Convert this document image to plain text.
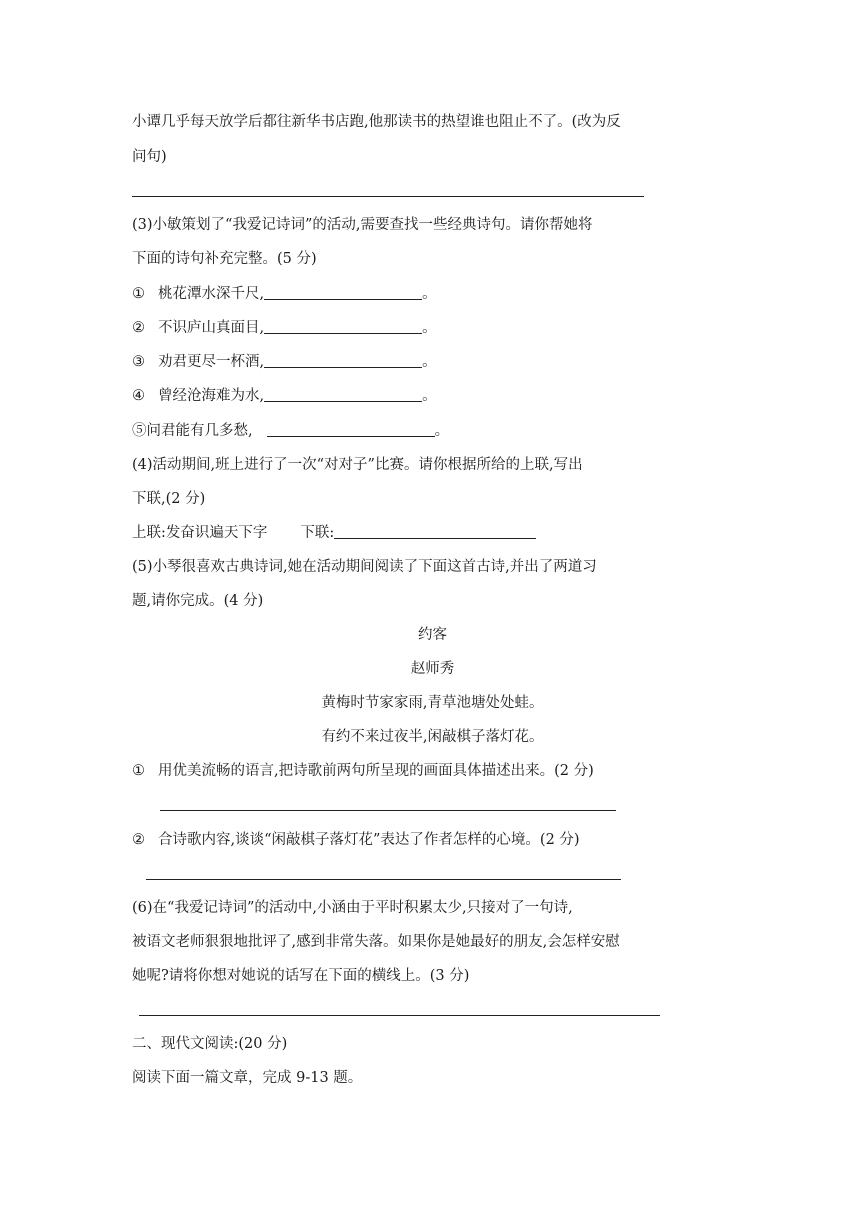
小谭几乎每天放学后都往新华书店跑,他那读书的热望谁也阻止不了。(改为反
问句)
(3)小敏策划了“我爱记诗词”的活动,需要查找一些经典诗句。请你帮她将
下面的诗句补充完整。(5 分)
① 桃花潭水深千尺,	。
② 不识庐山真面目,	。
③ 劝君更尽一杯酒,	。
④ 曾经沧海难为水,	。
⑤问君能有几多愁,	。
(4)活动期间,班上进行了一次“对对子”比赛。请你根据所给的上联,写出
下联,(2 分)
上联:发奋识遍天下字 下联:
(5)小琴很喜欢古典诗词,她在活动期间阅读了下面这首古诗,并出了两道习
题,请你完成。(4 分)
约客
赵师秀
黄梅时节家家雨,青草池塘处处蛙。
有约不来过夜半,闲敲棋子落灯花。
① 用优美流畅的语言,把诗歌前两句所呈现的画面具体描述出来。(2 分)
② 合诗歌内容,谈谈“闲敲棋子落灯花”表达了作者怎样的心境。(2 分)
(6)在“我爱记诗词”的活动中,小涵由于平时积累太少,只接对了一句诗,
被语文老师狠狠地批评了,感到非常失落。如果你是她最好的朋友,会怎样安慰
她呢?请将你想对她说的话写在下面的横线上。(3 分)
二、现代文阅读:(20 分)
阅读下面一篇文章，完成 9-13 题。
